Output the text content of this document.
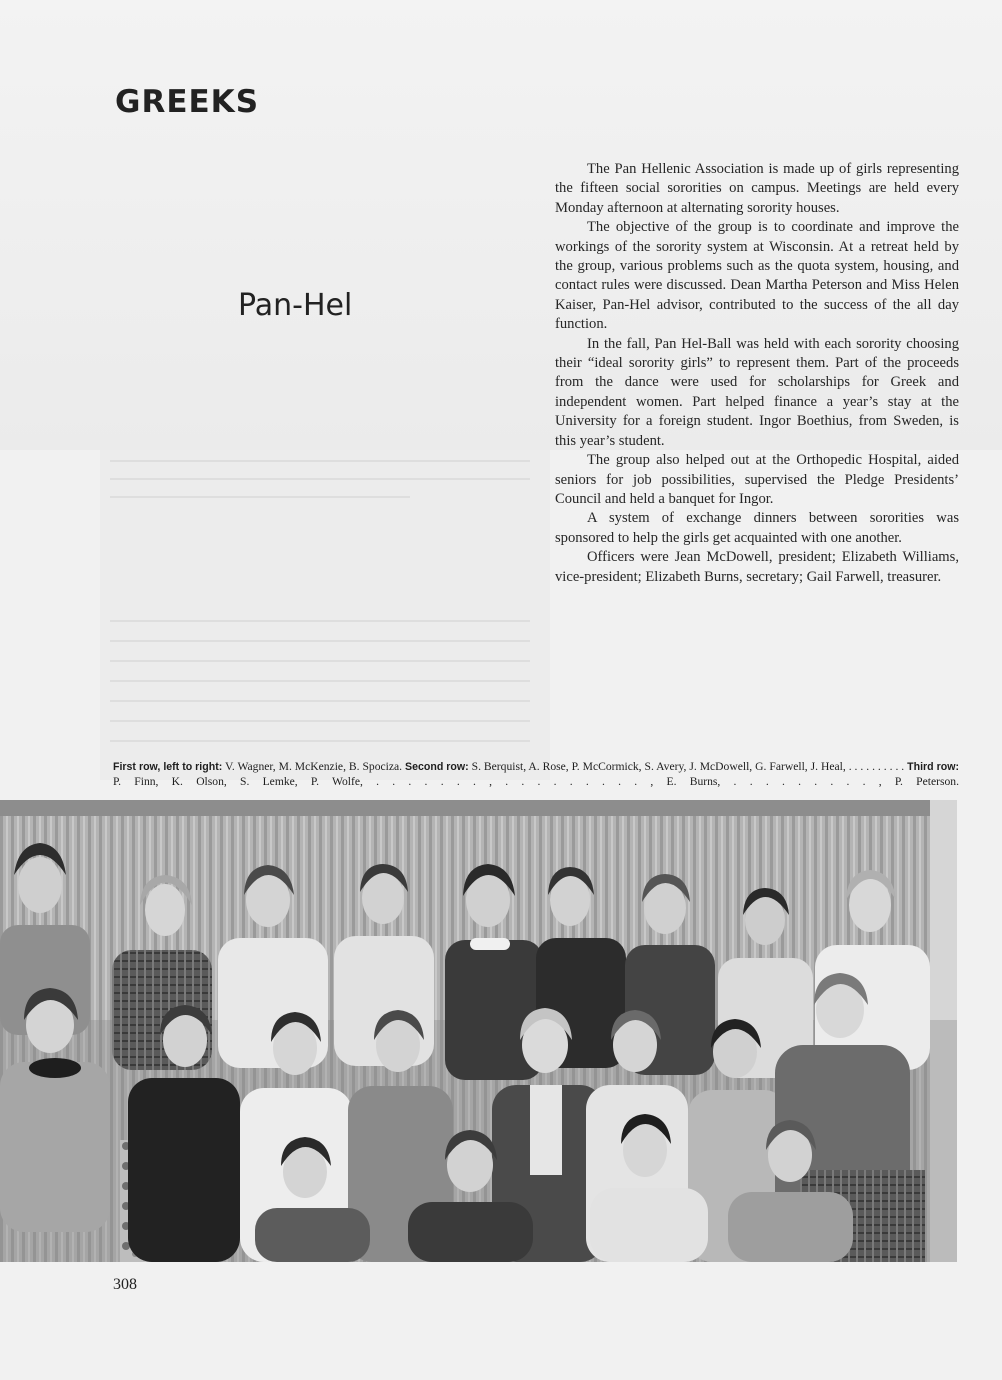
GREEKS
Pan-Hel

The Pan Hellenic Association is made up of girls representing the fifteen social sororities on campus. Meetings are held every Monday afternoon at alternating sorority houses.

The objective of the group is to coordinate and improve the workings of the sorority system at Wisconsin. At a retreat held by the group, various problems such as the quota system, housing, and contact rules were discussed. Dean Martha Peterson and Miss Helen Kaiser, Pan-Hel advisor, contributed to the success of the all day function.

In the fall, Pan Hel-Ball was held with each sorority choosing their “ideal sorority girls” to represent them. Part of the proceeds from the dance were used for scholarships for Greek and independent women. Part helped finance a year’s stay at the University for a foreign student. Ingor Boethius, from Sweden, is this year’s student.

The group also helped out at the Orthopedic Hospital, aided seniors for job possibilities, supervised the Pledge Presidents’ Council and held a banquet for Ingor.

A system of exchange dinners between sororities was sponsored to help the girls get acquainted with one another.

Officers were Jean McDowell, president; Elizabeth Williams, vice-president; Elizabeth Burns, secretary; Gail Farwell, treasurer.

First row, left to right: V. Wagner, M. McKenzie, B. Spociza. Second row: S. Berquist, A. Rose, P. McCormick, S. Avery, J. McDowell, G. Farwell, J. Heal, . . . . . . . . . . Third row: P. Finn, K. Olson, S. Lemke, P. Wolfe, . . . . . . . , . . . . . . . . . , E. Burns, . . . . . . . . . , P. Peterson.
308
